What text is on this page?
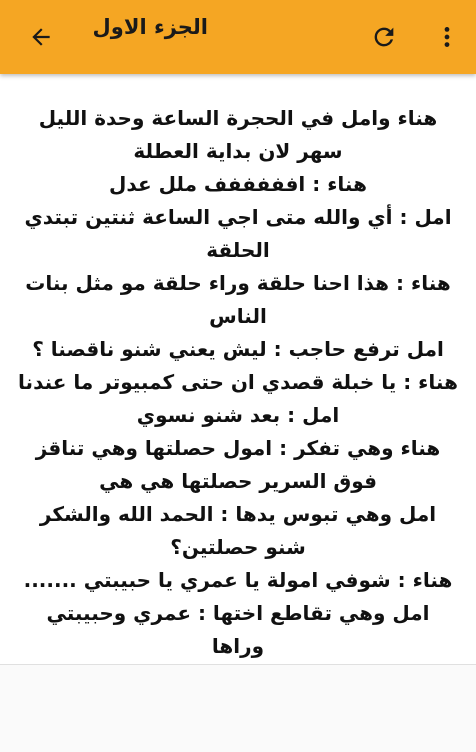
الجزء الاول
هناء وامل في الحجرة الساعة وحدة الليل
سهر لان بداية العطلة
هناء : افففففف ملل عدل
امل : أي والله متى اجي الساعة ثنتين تبتدي
الحلقة
هناء : هذا احنا حلقة وراء حلقة مو مثل بنات
الناس
امل ترفع حاجب : ليش يعني شنو ناقصنا ؟
هناء : يا خبلة قصدي ان حتى كمبيوتر ما عندنا
امل : بعد شنو نسوي
هناء وهي تفكر : امول حصلتها وهي تناقز
فوق السرير حصلتها هي هي
امل وهي تبوس يدها : الحمد الله والشكر
شنو حصلتين؟
هناء : شوفي امولة يا عمري يا حبيبتي .......
امل وهي تقاطع اختها : عمري وحبيبتي وراها
